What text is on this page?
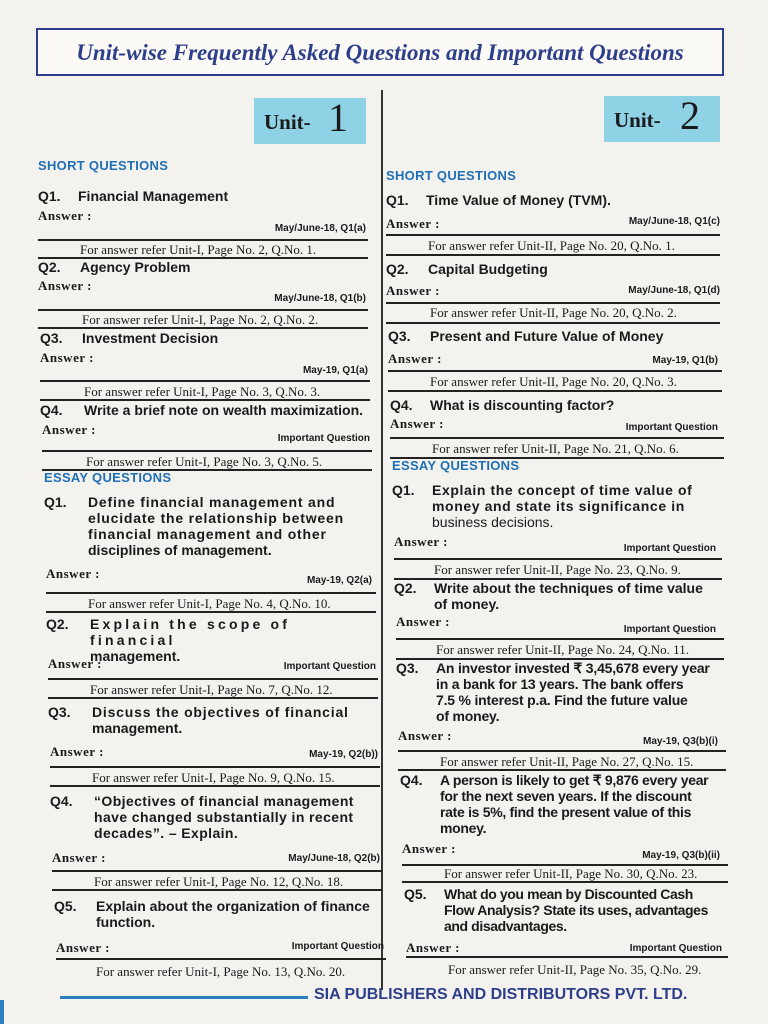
Unit-wise Frequently Asked Questions and Important Questions
Unit- 1	Unit- 2
SHORT QUESTIONS
Q1. Financial Management
Answer :
May/June-18, Q1(a)
For answer refer Unit-I, Page No. 2, Q.No. 1.
Q2. Agency Problem
Answer :
May/June-18, Q1(b)
For answer refer Unit-I, Page No. 2, Q.No. 2.
Q3. Investment Decision
Answer :
May-19, Q1(a)
For answer refer Unit-I, Page No. 3, Q.No. 3.
Q4. Write a brief note on wealth maximization.
Answer :
Important Question
For answer refer Unit-I, Page No. 3, Q.No. 5.
ESSAY QUESTIONS
Q1. Define financial management and
elucidate the relationship between
financial management and other
disciplines of management.
Answer :	May-19, Q2(a)
For answer refer Unit-I, Page No. 4, Q.No. 10.
Q2. Explain the scope of financial
management.
Answer :	Important Question
For answer refer Unit-I, Page No. 7, Q.No. 12.
Q3. Discuss the objectives of financial
management.
Answer :	May-19, Q2(b))
For answer refer Unit-I, Page No. 9, Q.No. 15.
Q4. “Objectives of financial management
have changed substantially in recent
decades”. – Explain.
Answer :	May/June-18, Q2(b)
For answer refer Unit-I, Page No. 12, Q.No. 18.
Q5. Explain about the organization of finance
function.
Answer :	Important Question
For answer refer Unit-I, Page No. 13, Q.No. 20.
SHORT QUESTIONS
Q1. Time Value of Money (TVM).
Answer :	May/June-18, Q1(c)
For answer refer Unit-II, Page No. 20, Q.No. 1.
Q2. Capital Budgeting
Answer :	May/June-18, Q1(d)
For answer refer Unit-II, Page No. 20, Q.No. 2.
Q3. Present and Future Value of Money
Answer :	May-19, Q1(b)
For answer refer Unit-II, Page No. 20, Q.No. 3.
Q4. What is discounting factor?
Answer :	Important Question
For answer refer Unit-II, Page No. 21, Q.No. 6.
ESSAY QUESTIONS
Q1. Explain the concept of time value of
money and state its significance in
business decisions.
Answer :	Important Question
For answer refer Unit-II, Page No. 23, Q.No. 9.
Q2. Write about the techniques of time value
of money.
Answer :
Important Question
For answer refer Unit-II, Page No. 24, Q.No. 11.
Q3. An investor invested ₹ 3,45,678 every year
in a bank for 13 years. The bank offers
7.5 % interest p.a. Find the future value
of money.
Answer :	May-19, Q3(b)(i)
For answer refer Unit-II, Page No. 27, Q.No. 15.
Q4. A person is likely to get ₹ 9,876 every year
for the next seven years. If the discount
rate is 5%, find the present value of this
money.
Answer :	May-19, Q3(b)(ii)
For answer refer Unit-II, Page No. 30, Q.No. 23.
Q5. What do you mean by Discounted Cash
Flow Analysis? State its uses, advantages
and disadvantages.
Answer :	Important Question
For answer refer Unit-II, Page No. 35, Q.No. 29.
SIA PUBLISHERS AND DISTRIBUTORS PVT. LTD.
